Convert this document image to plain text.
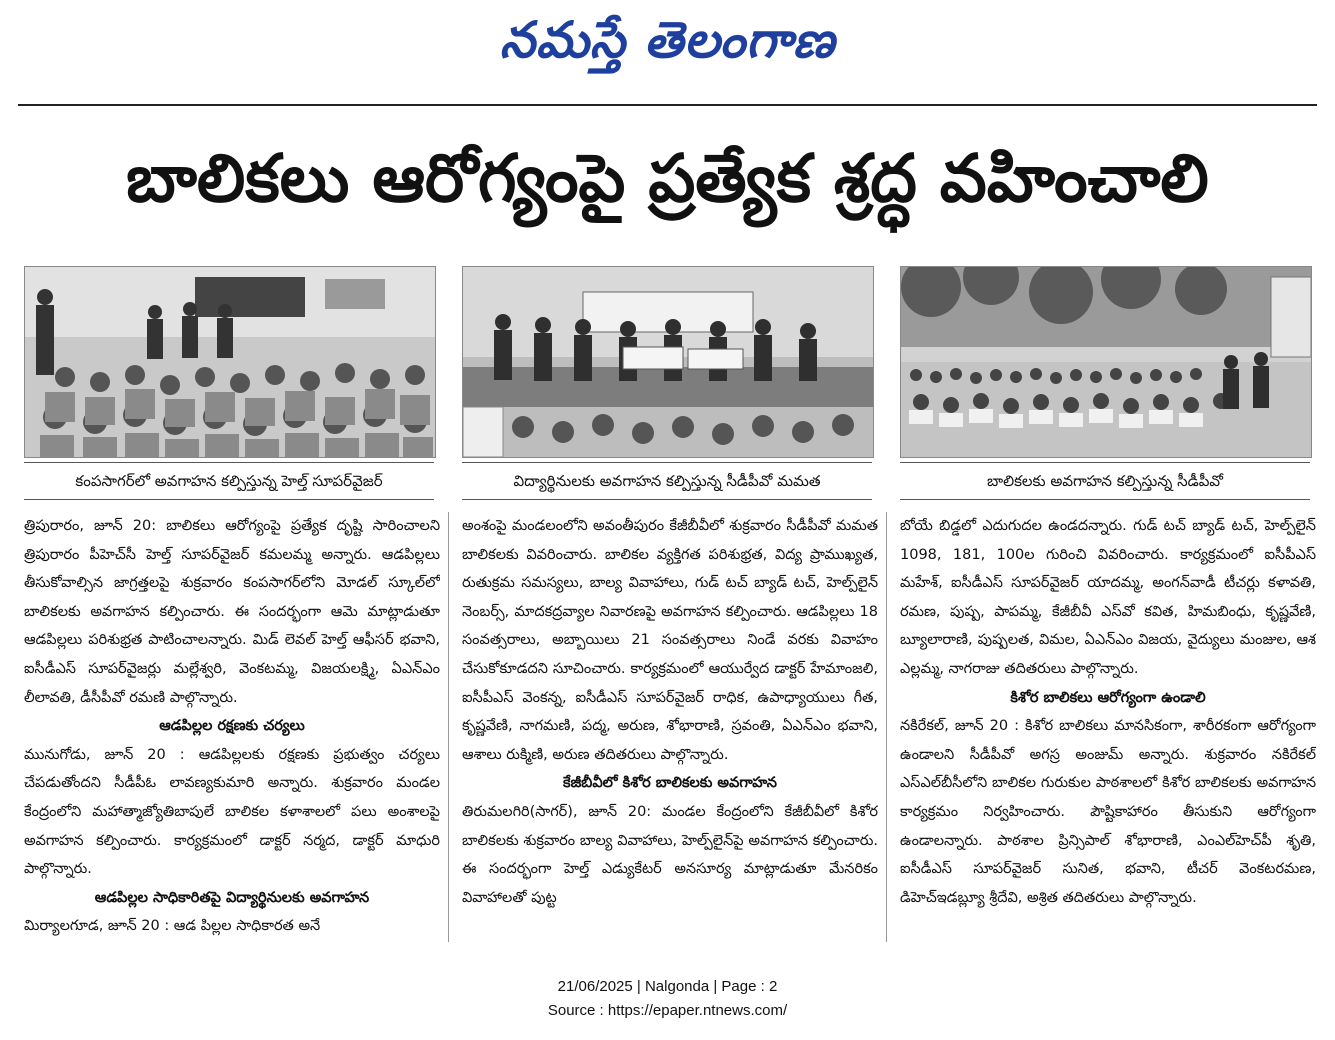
నమస్తే తెలంగాణ
బాలికలు ఆరోగ్యంపై ప్రత్యేక శ్రద్ధ వహించాలి
కంపసాగర్‌లో అవగాహన కల్పిస్తున్న హెల్త్‌ సూపర్‌వైజర్	విద్యార్థినులకు అవగాహన కల్పిస్తున్న సీడీపీవో మమత	బాలికలకు అవగాహన కల్పిస్తున్న సీడీపీవో

త్రిపురారం, జూన్‌ 20: బాలికలు ఆరోగ్యంపై ప్రత్యేక దృష్టి సారించాలని త్రిపురారం పీహెచ్‌సీ హెల్త్‌ సూపర్‌వైజర్‌ కమలమ్మ అన్నారు. ఆడపిల్లలు తీసుకోవాల్సిన జాగ్రత్తలపై శుక్రవారం కంపసాగర్‌లోని మోడల్‌ స్కూల్‌లో బాలికలకు అవగాహన కల్పించారు. ఈ సందర్భంగా ఆమె మాట్లాడుతూ ఆడపిల్లలు పరిశుభ్రత పాటించాలన్నారు. మిడ్‌ లెవల్‌ హెల్త్‌ ఆఫీసర్‌ భవాని, ఐసీడీఎస్‌ సూపర్‌వైజర్లు మల్లేశ్వరి, వెంకటమ్మ, విజయలక్ష్మి, ఏఎన్‌ఎం లీలావతి, డీసీపీవో రమణి పాల్గొన్నారు.

ఆడపిల్లల రక్షణకు చర్యలు

మునుగోడు, జూన్‌ 20 : ఆడపిల్లలకు రక్షణకు ప్రభుత్వం చర్యలు చేపడుతోందని సీడీపీఓ లావణ్యకుమారి అన్నారు. శుక్రవారం మండల కేంద్రంలోని మహాత్మాజ్యోతిబాపులే బాలికల కళాశాలలో పలు అంశాలపై అవగాహన కల్పించారు. కార్యక్రమంలో డాక్టర్‌ నర్మద, డాక్టర్‌ మాధురి పాల్గొన్నారు.

ఆడపిల్లల సాధికారితపై విద్యార్థినులకు అవగాహన

మిర్యాలగూడ, జూన్‌ 20 : ఆడ పిల్లల సాధికారత అనే

అంశంపై మండలంలోని అవంతీపురం కేజీబీవీలో శుక్రవారం సీడీపీవో మమత బాలికలకు వివరించారు. బాలికల వ్యక్తిగత పరిశుభ్రత, విద్య ప్రాముఖ్యత, రుతుక్రమ సమస్యలు, బాల్య వివాహాలు, గుడ్‌ టచ్‌ బ్యాడ్‌ టచ్‌, హెల్ప్‌లైన్‌ నెంబర్స్‌, మాదకద్రవ్యాల నివారణపై అవగాహన కల్పించారు. ఆడపిల్లలు 18 సంవత్సరాలు, అబ్బాయిలు 21 సంవత్సరాలు నిండే వరకు వివాహం చేసుకోకూడదని సూచించారు. కార్యక్రమంలో ఆయుర్వేద డాక్టర్‌ హేమాంజలి, ఐసీపీఎస్‌ వెంకన్న, ఐసీడీఎస్‌ సూపర్‌వైజర్‌ రాధిక, ఉపాధ్యాయులు గీత, కృష్ణవేణి, నాగమణి, పద్మ, అరుణ, శోభారాణి, స్రవంతి, ఏఎన్‌ఎం భవాని, ఆశాలు రుక్మిణి, అరుణ తదితరులు పాల్గొన్నారు.

కేజీబీవీలో కిశోర బాలికలకు అవగాహన

తిరుమలగిరి(సాగర్‌), జూన్‌ 20: మండల కేంద్రంలోని కేజీబీవీలో కిశోర బాలికలకు శుక్రవారం బాల్య వివాహాలు, హెల్ప్‌లైన్‌పై అవగాహన కల్పించారు. ఈ సందర్భంగా హెల్త్‌ ఎడ్యుకేటర్‌ అనసూర్య మాట్లాడుతూ మేనరికం వివాహాలతో పుట్ట

బోయే బిడ్డలో ఎదుగుదల ఉండదన్నారు. గుడ్‌ టచ్‌ బ్యాడ్‌ టచ్‌, హెల్ప్‌లైన్‌ 1098, 181, 100ల గురించి వివరించారు. కార్యక్రమంలో ఐసీపీఎస్‌ మహేశ్‌, ఐసీడీఎస్‌ సూపర్‌వైజర్‌ యాదమ్మ, అంగన్‌వాడీ టీచర్లు కళావతి, రమణ, పుష్ప, పాపమ్మ, కేజీబీవీ ఎస్‌వో కవిత, హిమబింధు, కృష్ణవేణి, బ్యూలారాణి, పుష్పలత, విమల, ఏఎన్‌ఎం విజయ, వైద్యులు మంజుల, ఆశ ఎల్లమ్మ, నాగరాజు తదితరులు పాల్గొన్నారు.

కిశోర బాలికలు ఆరోగ్యంగా ఉండాలి

నకిరేకల్‌, జూన్‌ 20 : కిశోర బాలికలు మానసికంగా, శారీరకంగా ఆరోగ్యంగా ఉండాలని సీడీపీవో అగస్ర అంజుమ్‌ అన్నారు. శుక్రవారం నకిరేకల్‌ ఎస్‌ఎల్‌బీసీలోని బాలికల గురుకుల పాఠశాలలో కిశోర బాలికలకు అవగాహన కార్యక్రమం నిర్వహించారు. పౌష్టికాహారం తీసుకుని ఆరోగ్యంగా ఉండాలన్నారు. పాఠశాల ప్రిన్సిపాల్‌ శోభారాణి, ఎంఎల్‌హెచ్‌పీ శృతి, ఐసీడీఎస్‌ సూపర్‌వైజర్‌ సునిత, భవాని, టీచర్‌ వెంకటరమణ, డిహెచ్‌ఇడబ్ల్యూ శ్రీదేవి, అశ్రిత తదితరులు పాల్గొన్నారు.

21/06/2025 | Nalgonda | Page : 2
Source : https://epaper.ntnews.com/
